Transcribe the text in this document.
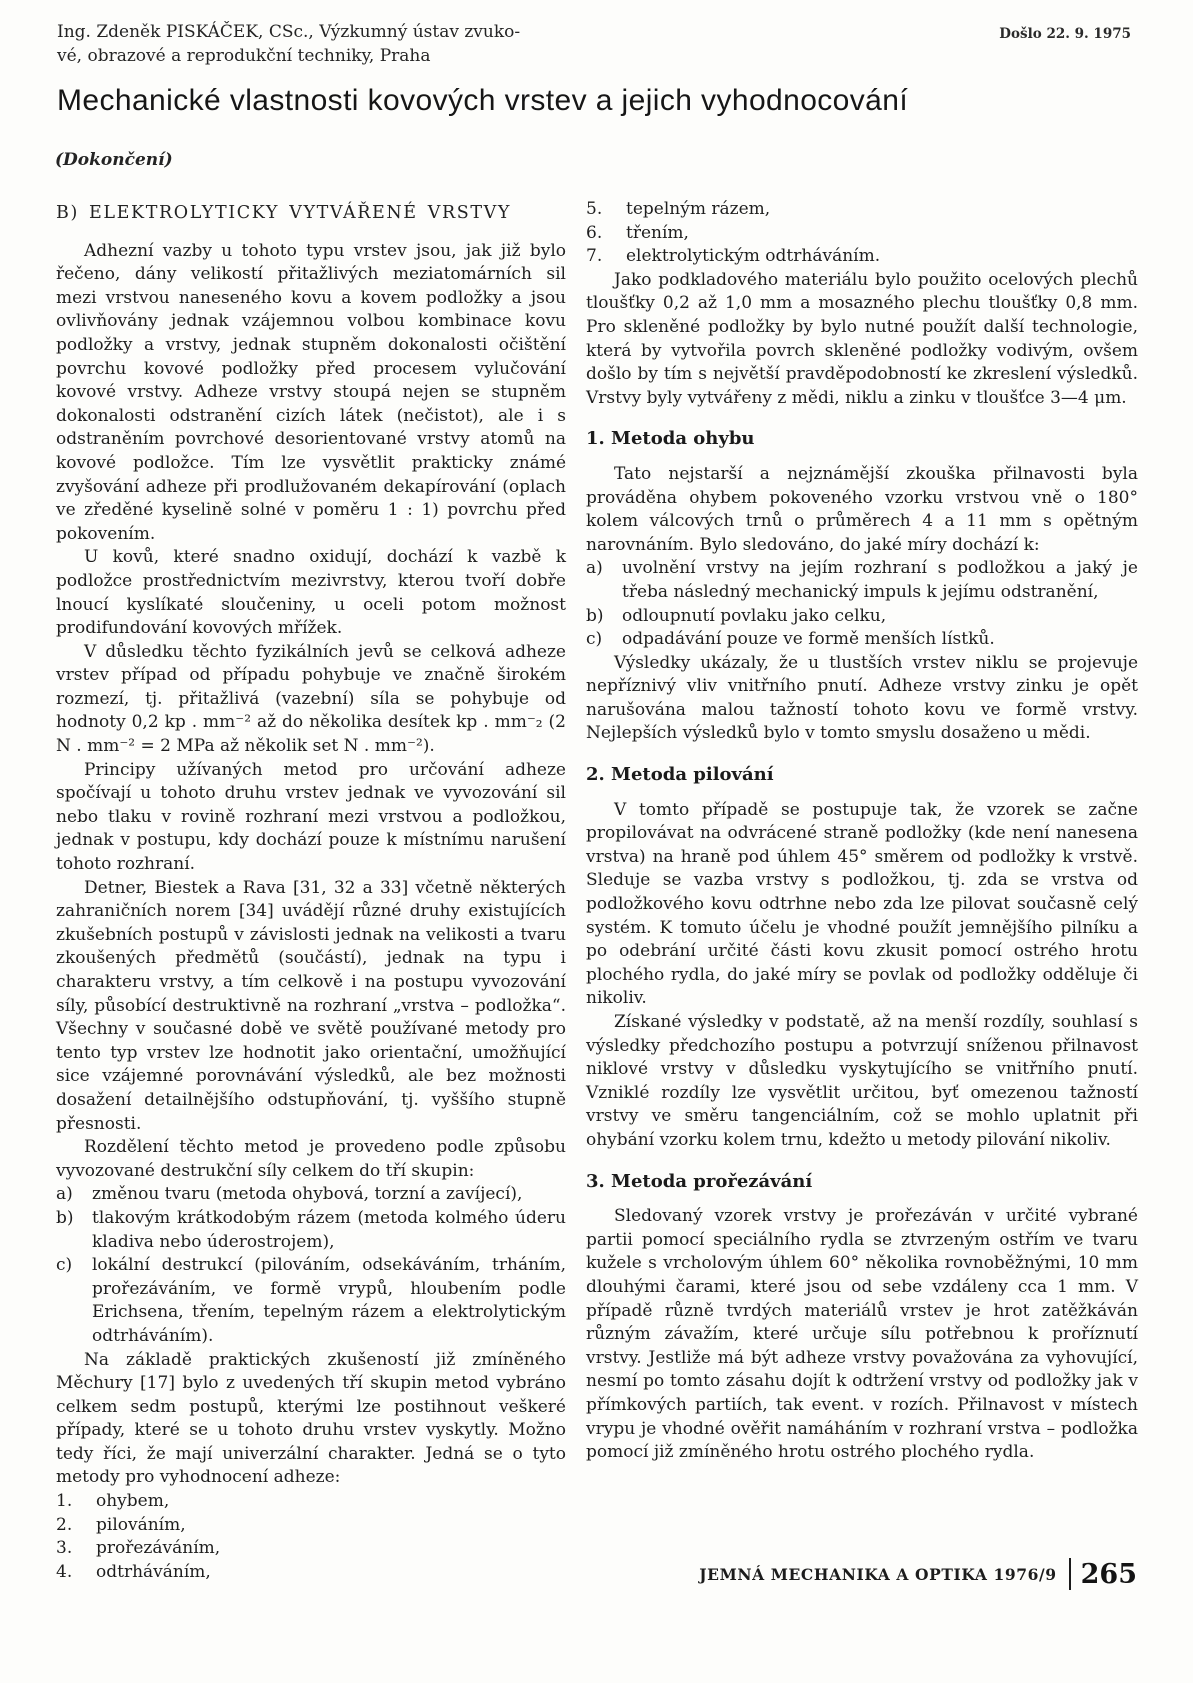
Ing. Zdeněk PISKÁČEK, CSc., Výzkumný ústav zvuko-
vé, obrazové a reprodukční techniky, Praha
Došlo 22. 9. 1975
Mechanické vlastnosti kovových vrstev a jejich vyhodnocování
(Dokončení)
B) ELEKTROLYTICKY VYTVÁŘENÉ VRSTVY

Adhezní vazby u tohoto typu vrstev jsou, jak již bylo řečeno, dány velikostí přitažlivých meziatomárních sil mezi vrstvou naneseného kovu a kovem podložky a jsou ovlivňovány jednak vzájemnou volbou kombinace kovu podložky a vrstvy, jednak stupněm dokonalosti očištění povrchu kovové podložky před procesem vylučování kovové vrstvy. Adheze vrstvy stoupá nejen se stupněm dokonalosti odstranění cizích látek (nečistot), ale i s odstraněním povrchové desorientované vrstvy atomů na kovové podložce. Tím lze vysvětlit prakticky známé zvyšování adheze při prodlužovaném dekapírování (oplach ve zředěné kyselině solné v poměru 1 : 1) povrchu před pokovením.

U kovů, které snadno oxidují, dochází k vazbě k podložce prostřednictvím mezivrstvy, kterou tvoří dobře lnoucí kyslíkaté sloučeniny, u oceli potom možnost prodifundování kovových mřížek.

V důsledku těchto fyzikálních jevů se celková adheze vrstev případ od případu pohybuje ve značně širokém rozmezí, tj. přitažlivá (vazební) síla se pohybuje od hodnoty 0,2 kp . mm⁻² až do několika desítek kp . mm⁻₂ (2 N . mm⁻² = 2 MPa až několik set N . mm⁻²).

Principy užívaných metod pro určování adheze spočívají u tohoto druhu vrstev jednak ve vyvozování sil nebo tlaku v rovině rozhraní mezi vrstvou a podložkou, jednak v postupu, kdy dochází pouze k místnímu narušení tohoto rozhraní.

Detner, Biestek a Rava [31, 32 a 33] včetně některých zahraničních norem [34] uvádějí různé druhy existujících zkušebních postupů v závislosti jednak na velikosti a tvaru zkoušených předmětů (součástí), jednak na typu i charakteru vrstvy, a tím celkově i na postupu vyvozování síly, působící destruktivně na rozhraní „vrstva – podložka“. Všechny v současné době ve světě používané metody pro tento typ vrstev lze hodnotit jako orientační, umožňující sice vzájemné porovnávání výsledků, ale bez možnosti dosažení detailnějšího odstupňování, tj. vyššího stupně přesnosti.

Rozdělení těchto metod je provedeno podle způsobu vyvozované destrukční síly celkem do tří skupin:

a)	změnou tvaru (metoda ohybová, torzní a zavíjecí),
b)	tlakovým krátkodobým rázem (metoda kolmého úderu kladiva nebo úderostrojem),
c)	lokální destrukcí (pilováním, odsekáváním, trháním, prořezáváním, ve formě vrypů, hloubením podle Erichsena, třením, tepelným rázem a elektrolytickým odtrháváním).

Na základě praktických zkušeností již zmíněného Měchury [17] bylo z uvedených tří skupin metod vybráno celkem sedm postupů, kterými lze postihnout veškeré případy, které se u tohoto druhu vrstev vyskytly. Možno tedy říci, že mají univerzální charakter. Jedná se o tyto metody pro vyhodnocení adheze:

1.	ohybem,
2.	pilováním,
3.	prořezáváním,
4.	odtrháváním,
5.	tepelným rázem,
6.	třením,
7.	elektrolytickým odtrháváním.

Jako podkladového materiálu bylo použito ocelových plechů tloušťky 0,2 až 1,0 mm a mosazného plechu tloušťky 0,8 mm. Pro skleněné podložky by bylo nutné použít další technologie, která by vytvořila povrch skleněné podložky vodivým, ovšem došlo by tím s největší pravděpodobností ke zkreslení výsledků. Vrstvy byly vytvářeny z mědi, niklu a zinku v tloušťce 3—4 μm.

1. Metoda ohybu

Tato nejstarší a nejznámější zkouška přilnavosti byla prováděna ohybem pokoveného vzorku vrstvou vně o 180° kolem válcových trnů o průměrech 4 a 11 mm s opětným narovnáním. Bylo sledováno, do jaké míry dochází k:

a)	uvolnění vrstvy na jejím rozhraní s podložkou a jaký je třeba následný mechanický impuls k jejímu odstranění,
b)	odloupnutí povlaku jako celku,
c)	odpadávání pouze ve formě menších lístků.

Výsledky ukázaly, že u tlustších vrstev niklu se projevuje nepříznivý vliv vnitřního pnutí. Adheze vrstvy zinku je opět narušována malou tažností tohoto kovu ve formě vrstvy. Nejlepších výsledků bylo v tomto smyslu dosaženo u mědi.

2. Metoda pilování

V tomto případě se postupuje tak, že vzorek se začne propilovávat na odvrácené straně podložky (kde není nanesena vrstva) na hraně pod úhlem 45° směrem od podložky k vrstvě. Sleduje se vazba vrstvy s podložkou, tj. zda se vrstva od podložkového kovu odtrhne nebo zda lze pilovat současně celý systém. K tomuto účelu je vhodné použít jemnějšího pilníku a po odebrání určité části kovu zkusit pomocí ostrého hrotu plochého rydla, do jaké míry se povlak od podložky odděluje či nikoliv.

Získané výsledky v podstatě, až na menší rozdíly, souhlasí s výsledky předchozího postupu a potvrzují sníženou přilnavost niklové vrstvy v důsledku vyskytujícího se vnitřního pnutí. Vzniklé rozdíly lze vysvětlit určitou, byť omezenou tažností vrstvy ve směru tangenciálním, což se mohlo uplatnit při ohybání vzorku kolem trnu, kdežto u metody pilování nikoliv.

3. Metoda prořezávání

Sledovaný vzorek vrstvy je prořezáván v určité vybrané partii pomocí speciálního rydla se ztvrzeným ostřím ve tvaru kužele s vrcholovým úhlem 60° několika rovnoběžnými, 10 mm dlouhými čarami, které jsou od sebe vzdáleny cca 1 mm. V případě různě tvrdých materiálů vrstev je hrot zatěžkáván různým závažím, které určuje sílu potřebnou k proříznutí vrstvy. Jestliže má být adheze vrstvy považována za vyhovující, nesmí po tomto zásahu dojít k odtržení vrstvy od podložky jak v přímkových partiích, tak event. v rozích. Přilnavost v místech vrypu je vhodné ověřit namáháním v rozhraní vrstva – podložka pomocí již zmíněného hrotu ostrého plochého rydla.

JEMNÁ MECHANIKA A OPTIKA 1976/9 265
